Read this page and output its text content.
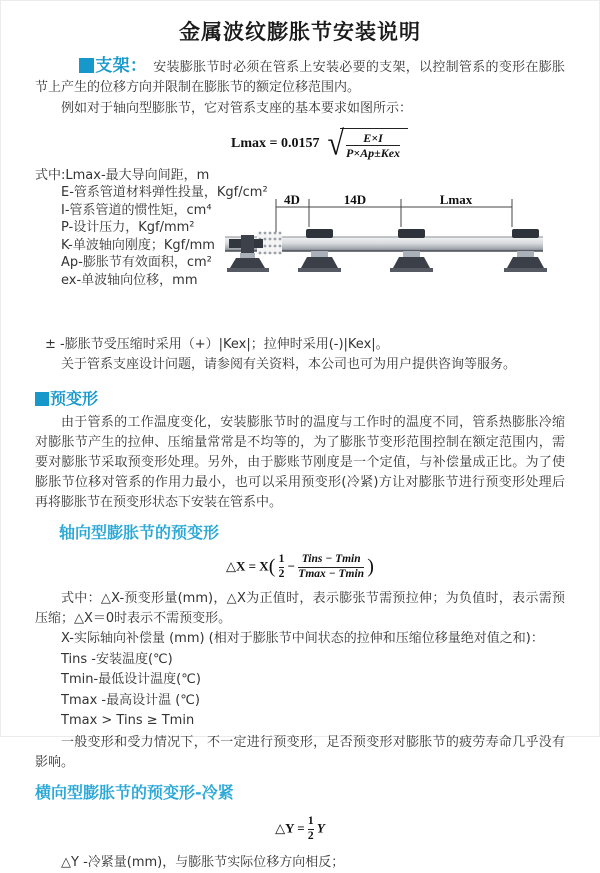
金属波纹膨胀节安装说明

支架： 安装膨胀节时必须在管系上安装必要的支架，以控制管系的变形在膨胀节上产生的位移方向并限制在膨胀节的额定位移范围内。

例如对于轴向型膨胀节，它对管系支座的基本要求如图所示：

Lmax = 0.0157 √ $\frac{E\times I}{\text{P×Ap±Kex}}$
式中:Lmax-最大导向间距，m
E-管系管道材料弹性投量，Kgf/cm²
I-管系管道的惯性矩，cm⁴
P-设计压力，Kgf/mm²
K-单波轴向刚度；Kgf/mm
Ap-膨胀节有效面积，cm²
ex-单波轴向位移，mm
4D	14D	Lmax
± -膨胀节受压缩时采用（+）|Kex|；拉伸时采用(-)|Kex|。
关于管系支座设计问题，请参阅有关资料，本公司也可为用户提供咨询等服务。
预变形

由于管系的工作温度变化，安装膨胀节时的温度与工作时的温度不同，管系热膨胀冷缩对膨胀节产生的拉伸、压缩量常常是不均等的，为了膨胀节变形范围控制在额定范围内，需要对膨胀节采取预变形处理。另外，由于膨账节刚度是一个定值，与补偿量成正比。为了使膨胀节位移对管系的作用力最小，也可以采用预变形(冷紧)方让对膨胀节进行预变形处理后再将膨胀节在预变形状态下安装在管系中。

轴向型膨胀节的预变形
△X = $X( \frac{1}{2} - \frac{\text{Tins − Tmin}}{Tmax - Tmin}$ )

式中：△X-预变形量(mm)，△X为正值时，表示膨张节需预拉伸；为负值时，表示需预压缩；△X＝0时表示不需预变形。

X-实际轴向补偿量 (mm) (相对于膨胀节中间状态的拉伸和压缩位移量绝对值之和)：
Tins -安装温度(℃)
Tmin-最低设计温度(℃)
Tmax -最高设计温 (℃)
Tmax > Tins ≥ Tmin

一般变形和受力情况下，不一定进行预变形，足否预变形对膨胀节的疲劳寿命几乎没有影响。

横向型膨胀节的预变形-冷紧
△Y = $\frac{1}{2}$ Y
△Y -冷紧量(mm)，与膨胀节实际位移方向相反；
